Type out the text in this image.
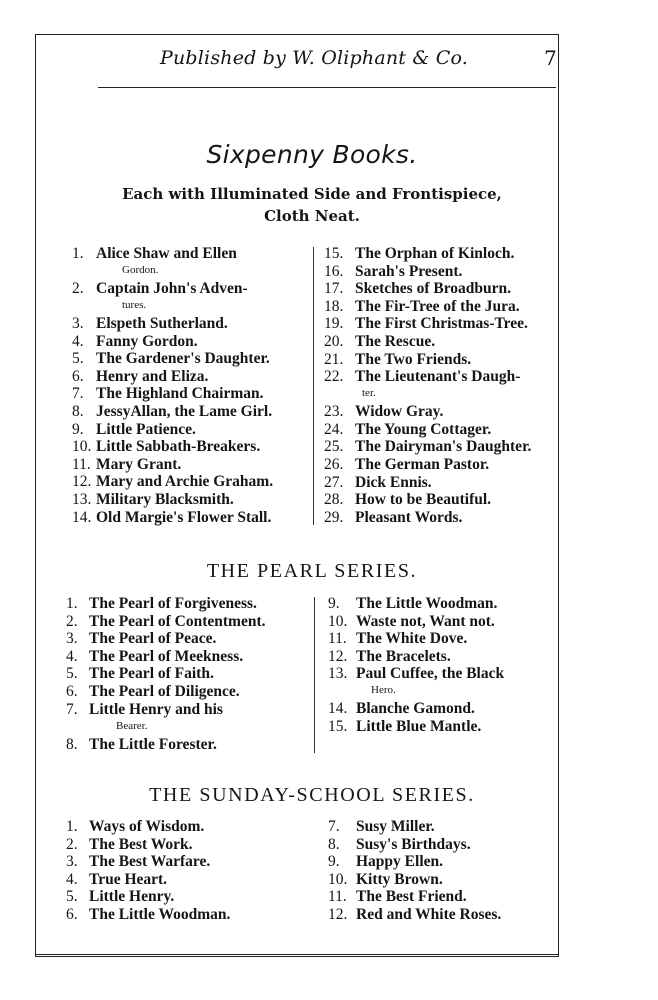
Published by W. Oliphant & Co.	7
Sixpenny Books.
Each with Illuminated Side and Frontispiece,
Cloth Neat.
1. Alice Shaw and Ellen
Gordon.
2. Captain John's Adven-
tures.
3. Elspeth Sutherland.
4. Fanny Gordon.
5. The Gardener's Daughter.
6. Henry and Eliza.
7. The Highland Chairman.
8. JessyAllan, the Lame Girl.
9. Little Patience.
10. Little Sabbath-Breakers.
11. Mary Grant.
12. Mary and Archie Graham.
13. Military Blacksmith.
14. Old Margie's Flower Stall.
15. The Orphan of Kinloch.
16. Sarah's Present.
17. Sketches of Broadburn.
18. The Fir-Tree of the Jura.
19. The First Christmas-Tree.
20. The Rescue.
21. The Two Friends.
22. The Lieutenant's Daugh-
ter.
23. Widow Gray.
24. The Young Cottager.
25. The Dairyman's Daughter.
26. The German Pastor.
27. Dick Ennis.
28. How to be Beautiful.
29. Pleasant Words.
THE PEARL SERIES.
1. The Pearl of Forgiveness.
2. The Pearl of Contentment.
3. The Pearl of Peace.
4. The Pearl of Meekness.
5. The Pearl of Faith.
6. The Pearl of Diligence.
7. Little Henry and his
Bearer.
8. The Little Forester.
9. The Little Woodman.
10. Waste not, Want not.
11. The White Dove.
12. The Bracelets.
13. Paul Cuffee, the Black
Hero.
14. Blanche Gamond.
15. Little Blue Mantle.
THE SUNDAY-SCHOOL SERIES.
1. Ways of Wisdom.
2. The Best Work.
3. The Best Warfare.
4. True Heart.
5. Little Henry.
6. The Little Woodman.
7. Susy Miller.
8. Susy's Birthdays.
9. Happy Ellen.
10. Kitty Brown.
11. The Best Friend.
12. Red and White Roses.
